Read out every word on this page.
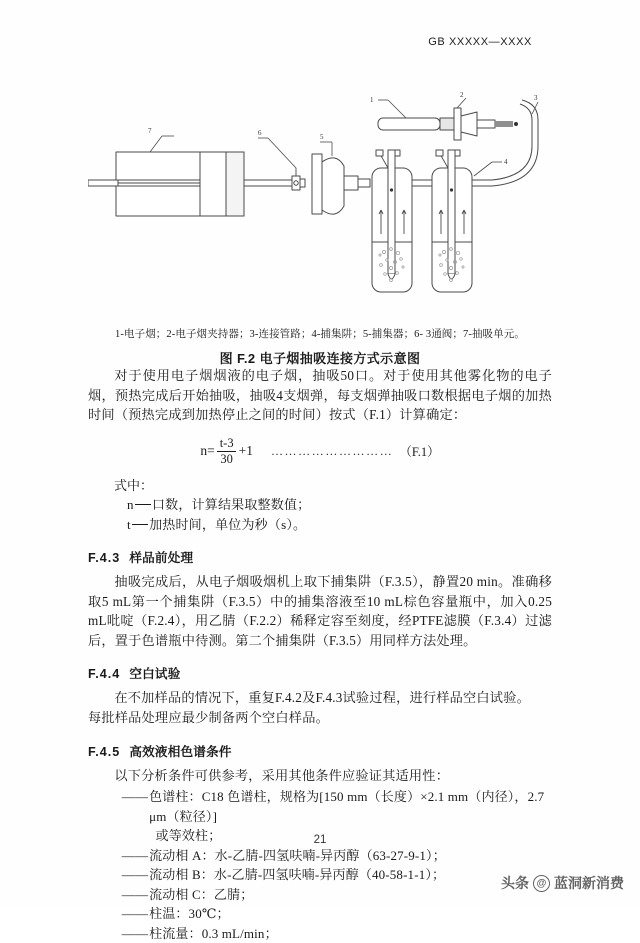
GB XXXXX—XXXX
7	6	5
4
3
1
2
1-电子烟；2-电子烟夹持器；3-连接管路；4-捕集阱；5-捕集器；6- 3通阀；7-抽吸单元。
图 F.2 电子烟抽吸连接方式示意图

对于使用电子烟烟液的电子烟，抽吸50口。对于使用其他雾化物的电子烟，预热完成后开始抽吸，抽吸4支烟弹，每支烟弹抽吸口数根据电子烟的加热时间（预热完成到加热停止之间的时间）按式（F.1）计算确定：

$n= \frac{t-3}{30} +1$ ……………………… （F.1）
式中：
n 口数，计算结果取整数值；
t 加热时间，单位为秒（s）。
F.4.3 样品前处理

抽吸完成后，从电子烟吸烟机上取下捕集阱（F.3.5），静置20 min。准确移取5 mL第一个捕集阱（F.3.5）中的捕集溶液至10 mL棕色容量瓶中，加入0.25 mL吡啶（F.2.4），用乙腈（F.2.2）稀释定容至刻度，经PTFE滤膜（F.3.4）过滤后，置于色谱瓶中待测。第二个捕集阱（F.3.5）用同样方法处理。

F.4.4 空白试验

在不加样品的情况下，重复F.4.2及F.4.3试验过程，进行样品空白试验。

每批样品处理应最少制备两个空白样品。

F.4.5 高效液相色谱条件

以下分析条件可供参考，采用其他条件应验证其适用性：

—— 色谱柱：C18 色谱柱，规格为[150 mm（长度）×2.1 mm（内径），2.7 μm（粒径）]
或等效柱；
—— 流动相 A：水-乙腈-四氢呋喃-异丙醇（63-27-9-1）；
—— 流动相 B：水-乙腈-四氢呋喃-异丙醇（40-58-1-1）；
—— 流动相 C：乙腈；
—— 柱温：30℃；
—— 柱流量：0.3 mL/min；
21
头条 @ 蓝洞新消费
